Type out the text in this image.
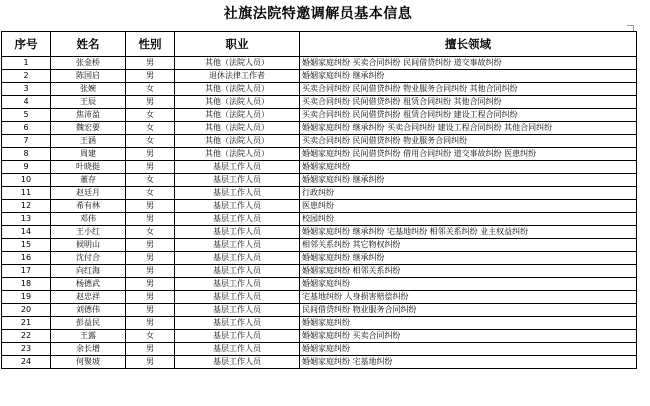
社旗法院特邀调解员基本信息
序号	姓名	性别	职业	擅长领域
1	张金桥	男	其他（法院人员）	婚姻家庭纠纷 买卖合同纠纷 民间借贷纠纷 道交事故纠纷
2	陈国启	男	退休法律工作者	婚姻家庭纠纷 继承纠纷
3	张婉	女	其他（法院人员）	买卖合同纠纷 民间借贷纠纷 物业服务合同纠纷 其他合同纠纷
4	王辰	男	其他（法院人员）	买卖合同纠纷 民间借贷纠纷 租赁合同纠纷 其他合同纠纷
5	焦沛盈	女	其他（法院人员）	买卖合同纠纷 民间借贷纠纷 租赁合同纠纷 建设工程合同纠纷
6	魏宏要	女	其他（法院人员）	婚姻家庭纠纷 继承纠纷 买卖合同纠纷 建设工程合同纠纷 其他合同纠纷
7	王涵	女	其他（法院人员）	买卖合同纠纷 民间借贷纠纷 物业服务合同纠纷
8	周建	男	其他（法院人员）	婚姻家庭纠纷 民间借贷纠纷 借用合同纠纷 道交事故纠纷 医患纠纷
9	叶晓挺	男	基层工作人员	婚姻家庭纠纷
10	董存	女	基层工作人员	婚姻家庭纠纷 继承纠纷
11	赵廷月	女	基层工作人员	行政纠纷
12	希有林	男	基层工作人员	医患纠纷
13	邓伟	男	基层工作人员	校园纠纷
14	王小红	女	基层工作人员	婚姻家庭纠纷 继承纠纷 宅基地纠纷 相邻关系纠纷 业主权益纠纷
15	候明山	男	基层工作人员	相邻关系纠纷 其它物权纠纷
16	沈付合	男	基层工作人员	婚姻家庭纠纷 继承纠纷
17	向红海	男	基层工作人员	婚姻家庭纠纷 相邻关系纠纷
18	杨德武	男	基层工作人员	婚姻家庭纠纷
19	赵忠祥	男	基层工作人员	宅基地纠纷 人身损害赔偿纠纷
20	刘德伟	男	基层工作人员	民间借贷纠纷 物业服务合同纠纷
21	彭益民	男	基层工作人员	婚姻家庭纠纷
22	王露	女	基层工作人员	婚姻家庭纠纷 买卖合同纠纷
23	余长增	男	基层工作人员	婚姻家庭纠纷
24	何聚坡	男	基层工作人员	婚姻家庭纠纷 宅基地纠纷
